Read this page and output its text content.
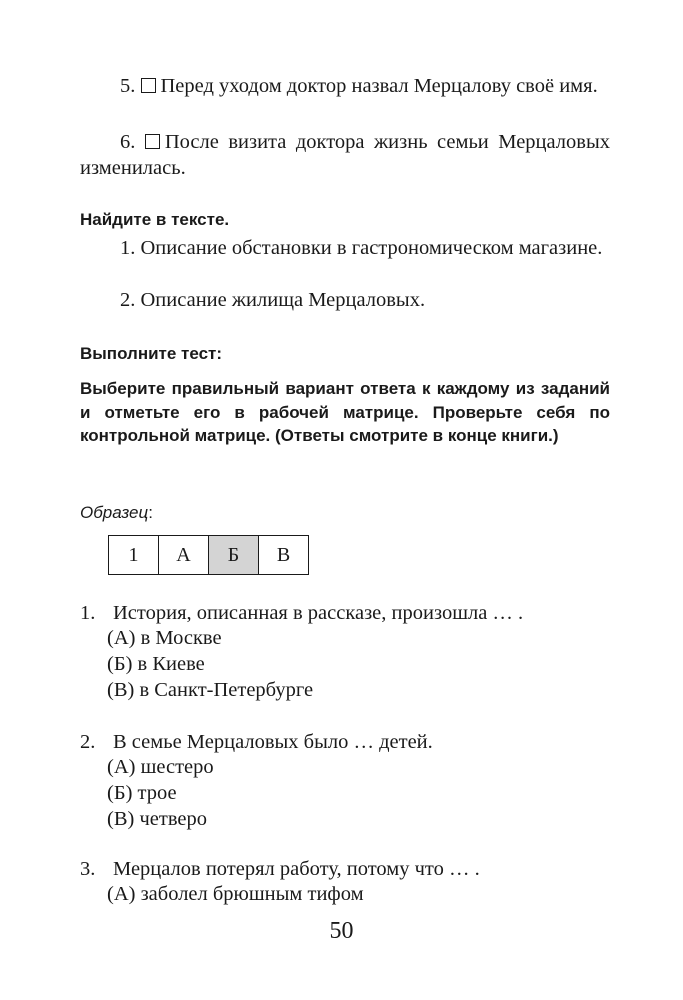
5. Перед уходом доктор назвал Мерцалову своё имя.

6. После визита доктора жизнь семьи Мерцаловых изменилась.

Найдите в тексте.

1. Описание обстановки в гастрономическом магазине.

2. Описание жилища Мерцаловых.

Выполните тест:

Выберите правильный вариант ответа к каждому из заданий и отметьте его в рабочей матрице. Проверьте себя по контрольной матрице. (Ответы смотрите в конце книги.)

Образец:
1	А	Б	В
1. История, описанная в рассказе, произошла … .
(А) в Москве
(Б) в Киеве
(В) в Санкт-Петербурге
2. В семье Мерцаловых было … детей.
(А) шестеро
(Б) трое
(В) четверо
3. Мерцалов потерял работу, потому что … .
(А) заболел брюшным тифом
50
